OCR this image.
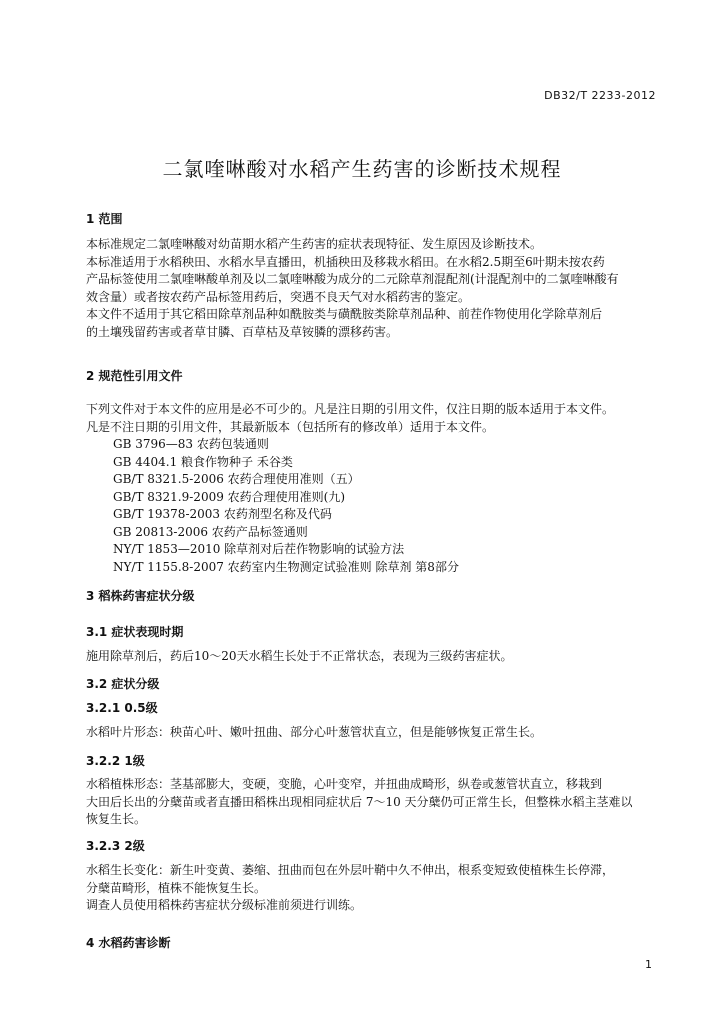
DB32/T 2233-2012
二氯喹啉酸对水稻产生药害的诊断技术规程
1 范围
本标准规定二氯喹啉酸对幼苗期水稻产生药害的症状表现特征、发生原因及诊断技术。
本标准适用于水稻秧田、水稻水旱直播田，机插秧田及移栽水稻田。在水稻2.5期至6叶期未按农药
产品标签使用二氯喹啉酸单剂及以二氯喹啉酸为成分的二元除草剂混配剂(计混配剂中的二氯喹啉酸有
效含量）或者按农药产品标签用药后，突遇不良天气对水稻药害的鉴定。
本文件不适用于其它稻田除草剂品种如酰胺类与磺酰胺类除草剂品种、前茬作物使用化学除草剂后
的土壤残留药害或者草甘膦、百草枯及草铵膦的漂移药害。
2 规范性引用文件
下列文件对于本文件的应用是必不可少的。凡是注日期的引用文件，仅注日期的版本适用于本文件。
凡是不注日期的引用文件，其最新版本（包括所有的修改单）适用于本文件。
GB 3796—83 农药包装通则
GB 4404.1 粮食作物种子 禾谷类
GB/T 8321.5-2006 农药合理使用准则（五）
GB/T 8321.9-2009 农药合理使用准则(九)
GB/T 19378-2003 农药剂型名称及代码
GB 20813-2006 农药产品标签通则
NY/T 1853—2010 除草剂对后茬作物影响的试验方法
NY/T 1155.8-2007 农药室内生物测定试验准则 除草剂 第8部分
3 稻株药害症状分级
3.1 症状表现时期
施用除草剂后，药后10～20天水稻生长处于不正常状态，表现为三级药害症状。
3.2 症状分级
3.2.1 0.5级
水稻叶片形态：秧苗心叶、嫩叶扭曲、部分心叶葱管状直立，但是能够恢复正常生长。
3.2.2 1级
水稻植株形态：茎基部膨大，变硬，变脆，心叶变窄，并扭曲成畸形，纵卷或葱管状直立，移栽到
大田后长出的分蘖苗或者直播田稻株出现相同症状后 7～10 天分蘖仍可正常生长，但整株水稻主茎难以
恢复生长。
3.2.3 2级
水稻生长变化：新生叶变黄、萎缩、扭曲而包在外层叶鞘中久不伸出，根系变短致使植株生长停滞，
分蘖苗畸形，植株不能恢复生长。
调查人员使用稻株药害症状分级标准前须进行训练。
4 水稻药害诊断
1
